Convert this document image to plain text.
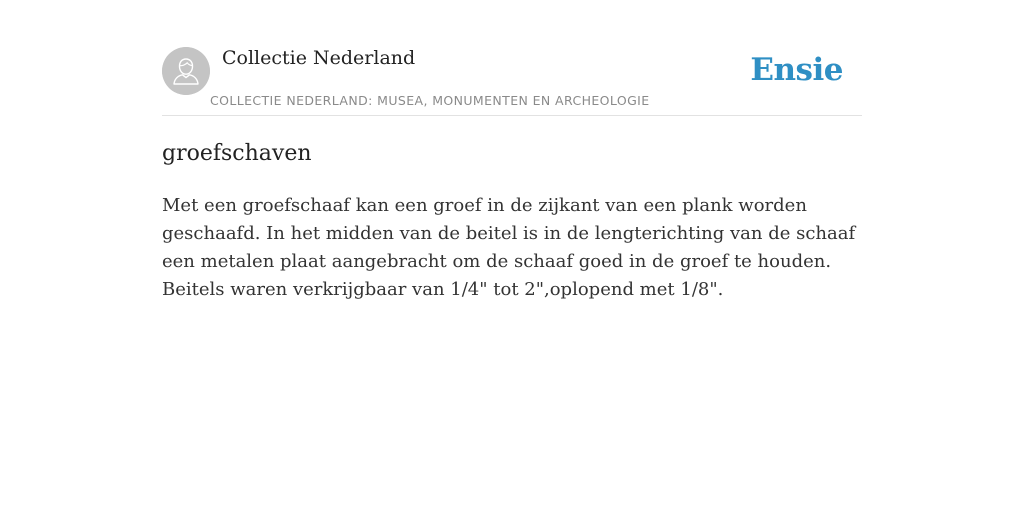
Collectie Nederland
COLLECTIE NEDERLAND: MUSEA, MONUMENTEN EN ARCHEOLOGIE
Ensie
groefschaven

Met een groefschaaf kan een groef in de zijkant van een plank worden geschaafd. In het midden van de beitel is in de lengterichting van de schaaf een metalen plaat aangebracht om de schaaf goed in de groef te houden. Beitels waren verkrijgbaar van 1/4" tot 2",oplopend met 1/8".
